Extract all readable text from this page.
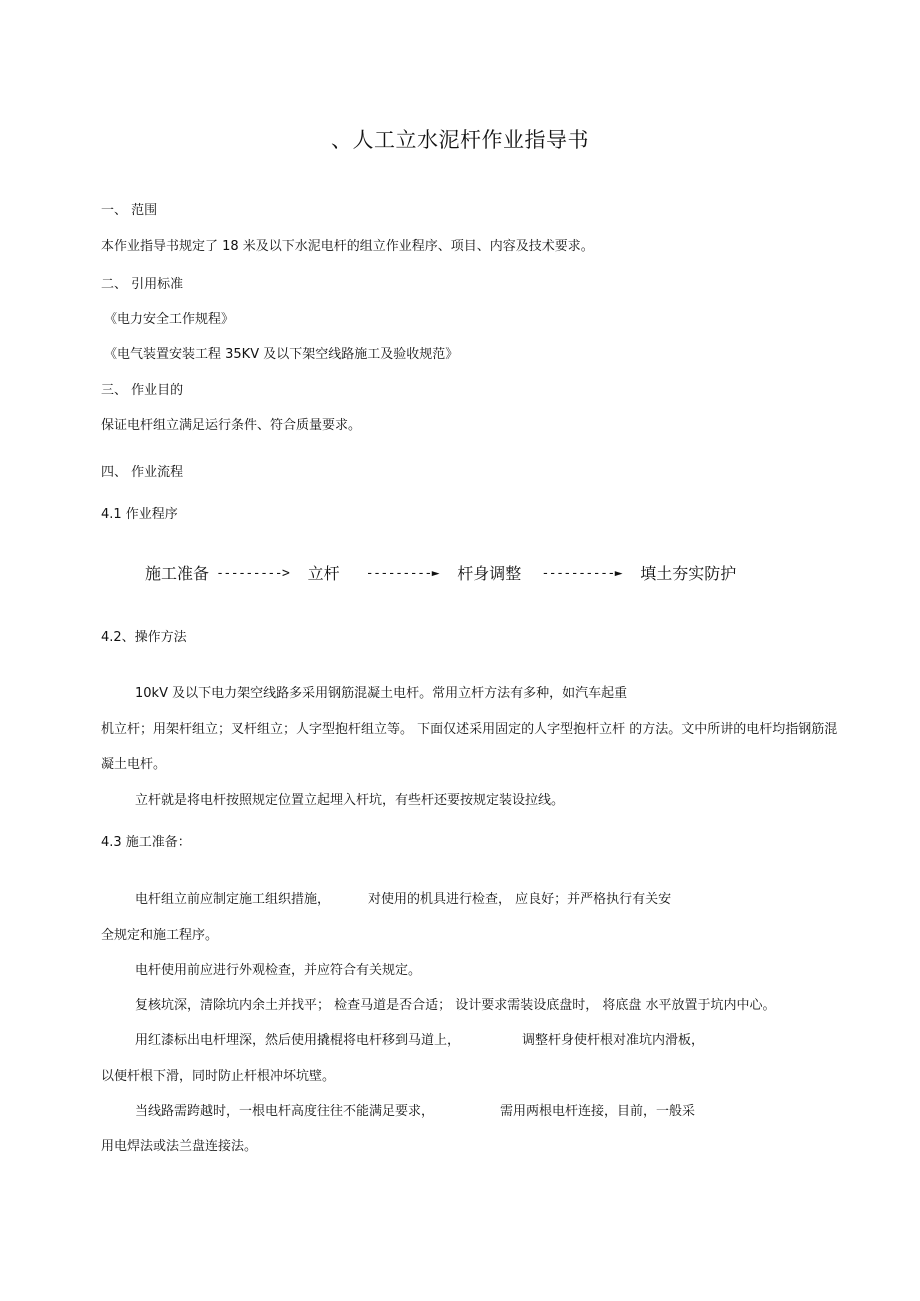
、人工立水泥杆作业指导书
一、 范围
本作业指导书规定了 18 米及以下水泥电杆的组立作业程序、项目、内容及技术要求。
二、 引用标准
《电力安全工作规程》
《电气装置安装工程 35KV 及以下架空线路施工及验收规范》
三、 作业目的
保证电杆组立满足运行条件、符合质量要求。
四、 作业流程
4.1 作业程序
施工准备 ---------> 立杆 ---------► 杆身调整 ----------► 填土夯实防护
4.2、操作方法
10kV 及以下电力架空线路多采用钢筋混凝土电杆。常用立杆方法有多种，如汽车起重
机立杆；用架杆组立；叉杆组立；人字型抱杆组立等。 下面仅述采用固定的人字型抱杆立杆 的方法。文中所讲的电杆均指钢筋混
凝土电杆。
立杆就是将电杆按照规定位置立起埋入杆坑，有些杆还要按规定装设拉线。
4.3 施工准备：
电杆组立前应制定施工组织措施，	对使用的机具进行检查， 应良好；并严格执行有关安
全规定和施工程序。
电杆使用前应进行外观检查，并应符合有关规定。
复核坑深，清除坑内余土并找平； 检查马道是否合适； 设计要求需装设底盘时， 将底盘 水平放置于坑内中心。
用红漆标出电杆埋深，然后使用撬棍将电杆移到马道上，	调整杆身使杆根对准坑内滑板，
以便杆根下滑，同时防止杆根冲坏坑壁。
当线路需跨越时，一根电杆高度往往不能满足要求，	需用两根电杆连接，目前，一般采
用电焊法或法兰盘连接法。
